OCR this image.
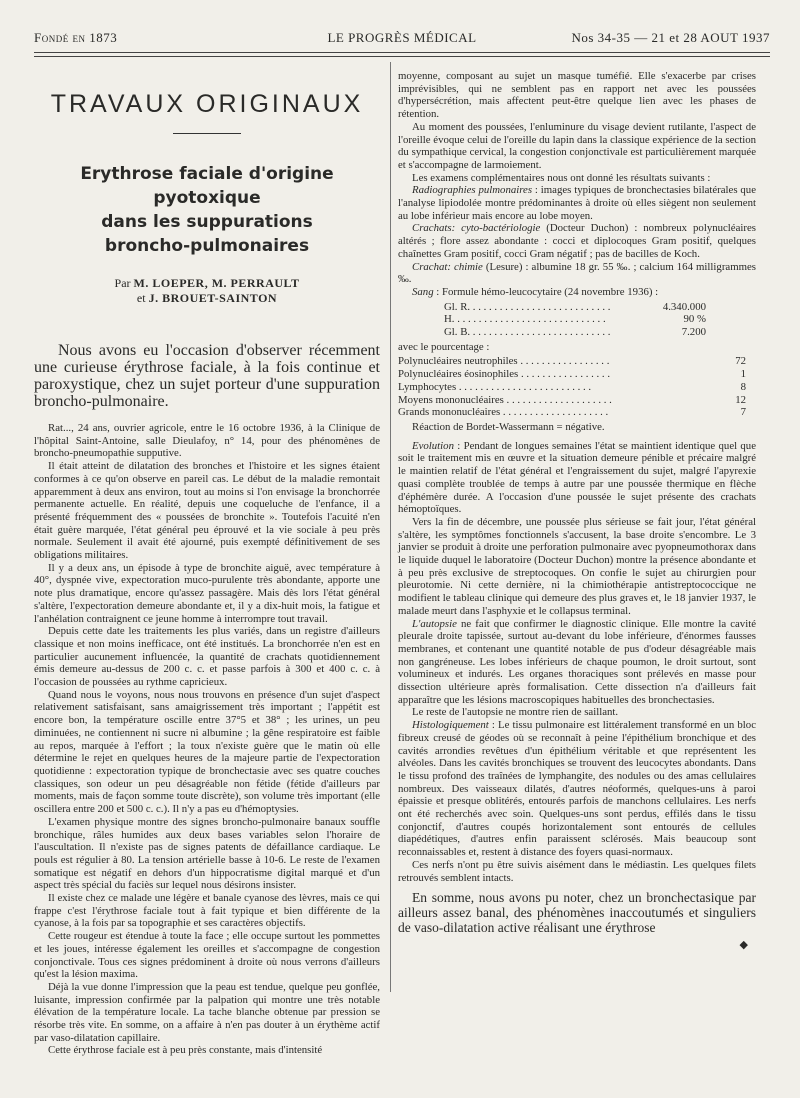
Fondé en 1873	LE PROGRÈS MÉDICAL	Nos 34-35 — 21 et 28 AOUT 1937
TRAVAUX ORIGINAUX
Erythrose faciale d'origine pyotoxique
dans les suppurations
broncho-pulmonaires
Par M. LOEPER, M. PERRAULT
et J. BROUET-SAINTON

Nous avons eu l'occasion d'observer récemment une curieuse érythrose faciale, à la fois continue et paroxystique, chez un sujet porteur d'une suppuration broncho-pulmonaire.

Rat..., 24 ans, ouvrier agricole, entre le 16 octobre 1936, à la Clinique de l'hôpital Saint-Antoine, salle Dieulafoy, n° 14, pour des phénomènes de broncho-pneumopathie supputive.

Il était atteint de dilatation des bronches et l'histoire et les signes étaient conformes à ce qu'on observe en pareil cas. Le début de la maladie remontait apparemment à deux ans environ, tout au moins si l'on envisage la bronchorrée permanente actuelle. En réalité, depuis une coqueluche de l'enfance, il a présenté fréquemment des « poussées de bronchite ». Toutefois l'acuité n'en était guère marquée, l'état général peu éprouvé et la vie sociale à peu près normale. Seulement il avait été ajourné, puis exempté définitivement de ses obligations militaires.

Il y a deux ans, un épisode à type de bronchite aiguë, avec température à 40°, dyspnée vive, expectoration muco-purulente très abondante, apporte une note plus dramatique, encore qu'assez passagère. Mais dès lors l'état général s'altère, l'expectoration demeure abondante et, il y a dix-huit mois, la fatigue et l'anhélation contraignent ce jeune homme à interrompre tout travail.

Depuis cette date les traitements les plus variés, dans un registre d'ailleurs classique et non moins inefficace, ont été institués. La bronchorrée n'en est en particulier aucunement influencée, la quantité de crachats quotidiennement émis demeure au-dessus de 200 c. c. et passe parfois à 300 et 400 c. c. à l'occasion de poussées au rythme capricieux.

Quand nous le voyons, nous nous trouvons en présence d'un sujet d'aspect relativement satisfaisant, sans amaigrissement très important ; l'appétit est encore bon, la température oscille entre 37°5 et 38° ; les urines, un peu diminuées, ne contiennent ni sucre ni albumine ; la gêne respiratoire est faible au repos, marquée à l'effort ; la toux n'existe guère que le matin où elle détermine le rejet en quelques heures de la majeure partie de l'expectoration quotidienne : expectoration typique de bronchectasie avec ses quatre couches classiques, son odeur un peu désagréable non fétide (fétide d'ailleurs par moments, mais de façon somme toute discrète), son volume très important (elle oscillera entre 200 et 500 c. c.). Il n'y a pas eu d'hémoptysies.

L'examen physique montre des signes broncho-pulmonaire banaux souffle bronchique, râles humides aux deux bases variables selon l'horaire de l'auscultation. Il n'existe pas de signes patents de défaillance cardiaque. Le pouls est régulier à 80. La tension artérielle basse à 10-6. Le reste de l'examen somatique est négatif en dehors d'un hippocratisme digital marqué et d'un aspect très spécial du faciès sur lequel nous désirons insister.

Il existe chez ce malade une légère et banale cyanose des lèvres, mais ce qui frappe c'est l'érythrose faciale tout à fait typique et bien différente de la cyanose, à la fois par sa topographie et ses caractères objectifs.

Cette rougeur est étendue à toute la face ; elle occupe surtout les pommettes et les joues, intéresse également les oreilles et s'accompagne de congestion conjonctivale. Tous ces signes prédominent à droite où nous verrons d'ailleurs qu'est la lésion maxima.

Déjà la vue donne l'impression que la peau est tendue, quelque peu gonflée, luisante, impression confirmée par la palpation qui montre une très notable élévation de la température locale. La tache blanche obtenue par pression se résorbe très vite. En somme, on a affaire à n'en pas douter à un érythème actif par vaso-dilatation capillaire.

Cette érythrose faciale est à peu près constante, mais d'intensité

moyenne, composant au sujet un masque tuméfié. Elle s'exacerbe par crises imprévisibles, qui ne semblent pas en rapport net avec les poussées d'hypersécrétion, mais affectent peut-être quelque lien avec les phases de rétention.

Au moment des poussées, l'enluminure du visage devient rutilante, l'aspect de l'oreille évoque celui de l'oreille du lapin dans la classique expérience de la section du sympathique cervical, la congestion conjonctivale est particulièrement marquée et s'accompagne de larmoiement.

Les examens complémentaires nous ont donné les résultats suivants :

Radiographies pulmonaires : images typiques de bronchectasies bilatérales que l'analyse lipiodolée montre prédominantes à droite où elles siègent non seulement au lobe inférieur mais encore au lobe moyen.

Crachats: cyto-bactériologie (Docteur Duchon) : nombreux polynucléaires altérés ; flore assez abondante : cocci et diplocoques Gram positif, quelques chaînettes Gram positif, cocci Gram négatif ; pas de bacilles de Koch.

Crachat: chimie (Lesure) : albumine 18 gr. 55 ‰. ; calcium 164 milligrammes ‰.

Sang : Formule hémo-leucocytaire (24 novembre 1936) :

Gl. R. . . . . . . . . . . . . . . . . . . . . . . . . . .	4.340.000
H. . . . . . . . . . . . . . . . . . . . . . . . . . . . .	90 %
Gl. B. . . . . . . . . . . . . . . . . . . . . . . . . . .	7.200

avec le pourcentage :

Polynucléaires neutrophiles . . . . . . . . . . . . . . . . .	72
Polynucléaires éosinophiles . . . . . . . . . . . . . . . . .	1
Lymphocytes . . . . . . . . . . . . . . . . . . . . . . . . .	8
Moyens mononucléaires . . . . . . . . . . . . . . . . . . . .	12
Grands mononucléaires . . . . . . . . . . . . . . . . . . . .	7

Réaction de Bordet-Wassermann = négative.

Evolution : Pendant de longues semaines l'état se maintient identique quel que soit le traitement mis en œuvre et la situation demeure pénible et précaire malgré le maintien relatif de l'état général et l'engraissement du sujet, malgré l'apyrexie quasi complète troublée de temps à autre par une poussée thermique en flèche d'éphémère durée. A l'occasion d'une poussée le sujet présente des crachats hémoptoïques.

Vers la fin de décembre, une poussée plus sérieuse se fait jour, l'état général s'altère, les symptômes fonctionnels s'accusent, la base droite s'encombre. Le 3 janvier se produit à droite une perforation pulmonaire avec pyopneumothorax dans le liquide duquel le laboratoire (Docteur Duchon) montre la présence abondante et à peu près exclusive de streptocoques. On confie le sujet au chirurgien pour pleurotomie. Ni cette dernière, ni la chimiothérapie antistreptococcique ne modifient le tableau clinique qui demeure des plus graves et, le 18 janvier 1937, le malade meurt dans l'asphyxie et le collapsus terminal.

L'autopsie ne fait que confirmer le diagnostic clinique. Elle montre la cavité pleurale droite tapissée, surtout au-devant du lobe inférieure, d'énormes fausses membranes, et contenant une quantité notable de pus d'odeur désagréable mais non gangréneuse. Les lobes inférieurs de chaque poumon, le droit surtout, sont volumineux et indurés. Les organes thoraciques sont prélevés en masse pour dissection ultérieure après formalisation. Cette dissection n'a d'ailleurs fait apparaître que les lésions macroscopiques habituelles des bronchectasies.

Le reste de l'autopsie ne montre rien de saillant.

Histologiquement : Le tissu pulmonaire est littéralement transformé en un bloc fibreux creusé de géodes où se reconnaît à peine l'épithélium bronchique et des cavités arrondies revêtues d'un épithélium véritable et que représentent les alvéoles. Dans les cavités bronchiques se trouvent des leucocytes abondants. Dans le tissu profond des traînées de lymphangite, des nodules ou des amas cellulaires nombreux. Des vaisseaux dilatés, d'autres néoformés, quelques-uns à paroi épaissie et presque oblitérés, entourés parfois de manchons cellulaires. Les nerfs ont été recherchés avec soin. Quelques-uns sont perdus, effilés dans le tissu conjonctif, d'autres coupés horizontalement sont entourés de cellules diapédétiques, d'autres enfin paraissent sclérosés. Mais beaucoup sont reconnaissables et, restent à distance des foyers quasi-normaux.

Ces nerfs n'ont pu être suivis aisément dans le médiastin. Les quelques filets retrouvés semblent intacts.

En somme, nous avons pu noter, chez un bronchectasique par ailleurs assez banal, des phénomènes inaccoutumés et singuliers de vaso-dilatation active réalisant une érythrose

◆
